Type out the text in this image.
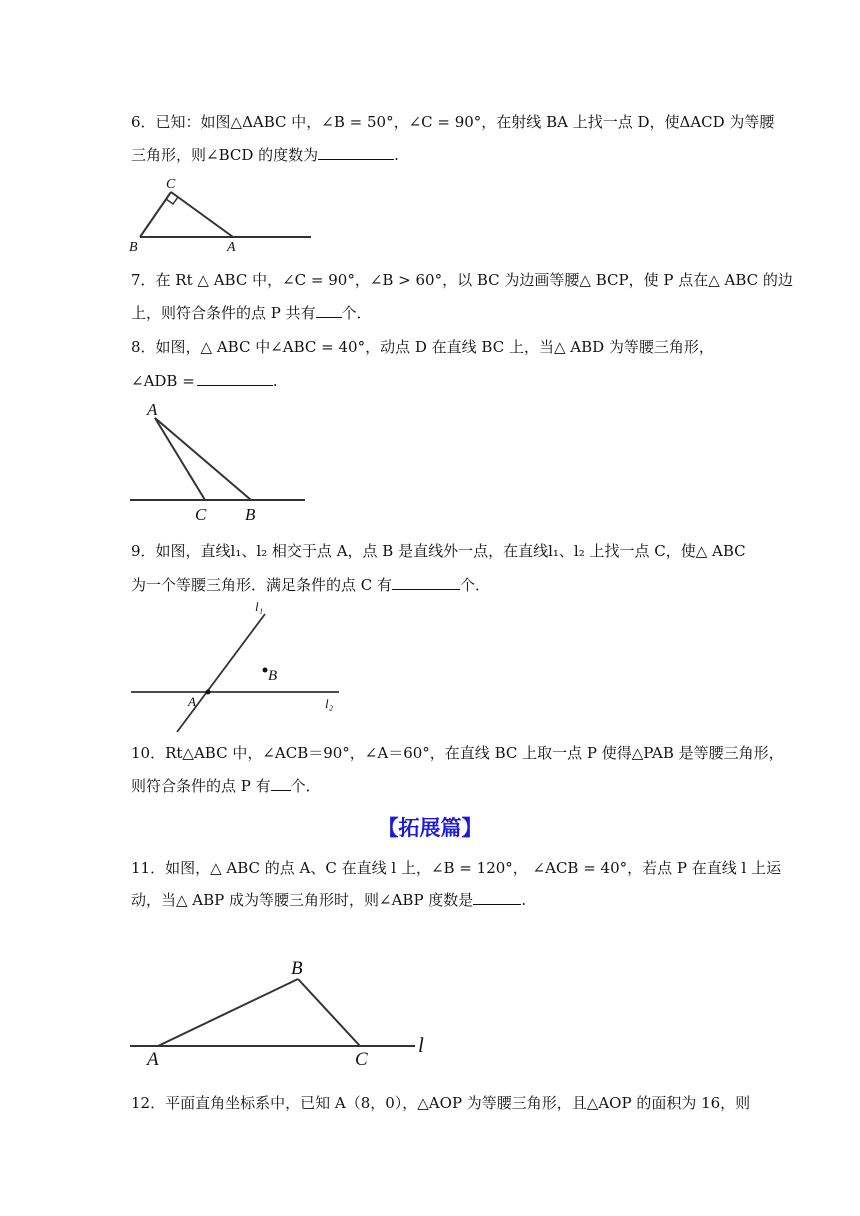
6．已知：如图△ΔABC 中，∠B = 50°，∠C = 90°，在射线 BA 上找一点 D，使ΔACD 为等腰
三角形，则∠BCD 的度数为	.
C
B	A
7．在 Rt △ ABC 中，∠C = 90°，∠B > 60°，以 BC 为边画等腰△ BCP，使 P 点在△ ABC 的边
上，则符合条件的点 P 共有 个．
8．如图，△ ABC 中∠ABC = 40°，动点 D 在直线 BC 上，当△ ABD 为等腰三角形，
∠ADB =	.
A
C B
9．如图，直线l₁、l₂ 相交于点 A，点 B 是直线外一点，在直线l₁、l₂ 上找一点 C，使△ ABC
为一个等腰三角形．满足条件的点 C 有	个．
l₁
B
A	l₂
10．Rt△ABC 中，∠ACB＝90°，∠A＝60°，在直线 BC 上取一点 P 使得△PAB 是等腰三角形，
则符合条件的点 P 有 个．
【拓展篇】
11．如图，△ ABC 的点 A、C 在直线 l 上，∠B = 120°， ∠ACB = 40°，若点 P 在直线 l 上运
动，当△ ABP 成为等腰三角形时，则∠ABP 度数是	.
B
A	C
l
12．平面直角坐标系中，已知 A（8，0），△AOP 为等腰三角形，且△AOP 的面积为 16，则
